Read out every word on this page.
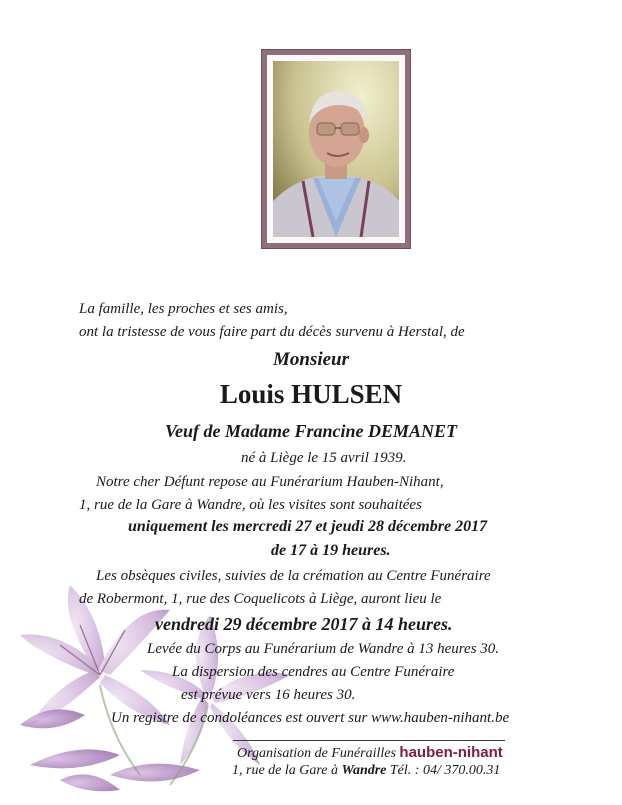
La famille, les proches et ses amis,
ont la tristesse de vous faire part du décès survenu à Herstal, de
Monsieur
Louis HULSEN
Veuf de Madame Francine DEMANET
né à Liège le 15 avril 1939.
Notre cher Défunt repose au Funérarium Hauben-Nihant,
1, rue de la Gare à Wandre, où les visites sont souhaitées
uniquement les mercredi 27 et jeudi 28 décembre 2017
de 17 à 19 heures.
Les obsèques civiles, suivies de la crémation au Centre Funéraire
de Robermont, 1, rue des Coquelicots à Liège, auront lieu le
vendredi 29 décembre 2017 à 14 heures.
Levée du Corps au Funérarium de Wandre à 13 heures 30.
La dispersion des cendres au Centre Funéraire
est prévue vers 16 heures 30.
Un registre de condoléances est ouvert sur www.hauben-nihant.be
Organisation de Funérailles hauben-nihant
1, rue de la Gare à Wandre Tél. : 04/ 370.00.31
